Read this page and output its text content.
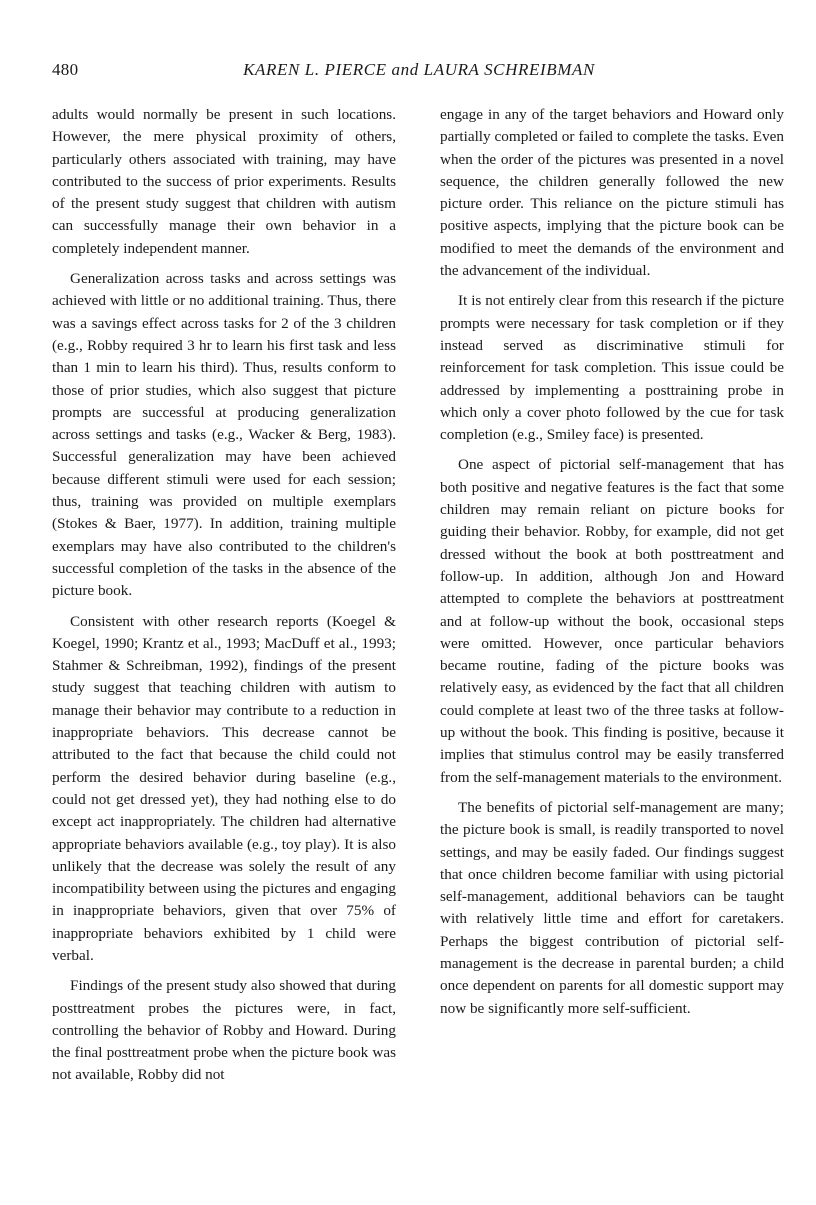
480	KAREN L. PIERCE and LAURA SCHREIBMAN

adults would normally be present in such locations. However, the mere physical proximity of others, particularly others associated with training, may have contributed to the success of prior experiments. Results of the present study suggest that children with autism can successfully manage their own behavior in a completely independent manner.

Generalization across tasks and across settings was achieved with little or no additional training. Thus, there was a savings effect across tasks for 2 of the 3 children (e.g., Robby required 3 hr to learn his first task and less than 1 min to learn his third). Thus, results conform to those of prior studies, which also suggest that picture prompts are successful at producing generalization across settings and tasks (e.g., Wacker & Berg, 1983). Successful generalization may have been achieved because different stimuli were used for each session; thus, training was provided on multiple exemplars (Stokes & Baer, 1977). In addition, training multiple exemplars may have also contributed to the children's successful completion of the tasks in the absence of the picture book.

Consistent with other research reports (Koegel & Koegel, 1990; Krantz et al., 1993; MacDuff et al., 1993; Stahmer & Schreibman, 1992), findings of the present study suggest that teaching children with autism to manage their behavior may contribute to a reduction in inappropriate behaviors. This decrease cannot be attributed to the fact that because the child could not perform the desired behavior during baseline (e.g., could not get dressed yet), they had nothing else to do except act inappropriately. The children had alternative appropriate behaviors available (e.g., toy play). It is also unlikely that the decrease was solely the result of any incompatibility between using the pictures and engaging in inappropriate behaviors, given that over 75% of inappropriate behaviors exhibited by 1 child were verbal.

Findings of the present study also showed that during posttreatment probes the pictures were, in fact, controlling the behavior of Robby and Howard. During the final posttreatment probe when the picture book was not available, Robby did not

engage in any of the target behaviors and Howard only partially completed or failed to complete the tasks. Even when the order of the pictures was presented in a novel sequence, the children generally followed the new picture order. This reliance on the picture stimuli has positive aspects, implying that the picture book can be modified to meet the demands of the environment and the advancement of the individual.

It is not entirely clear from this research if the picture prompts were necessary for task completion or if they instead served as discriminative stimuli for reinforcement for task completion. This issue could be addressed by implementing a posttraining probe in which only a cover photo followed by the cue for task completion (e.g., Smiley face) is presented.

One aspect of pictorial self-management that has both positive and negative features is the fact that some children may remain reliant on picture books for guiding their behavior. Robby, for example, did not get dressed without the book at both posttreatment and follow-up. In addition, although Jon and Howard attempted to complete the behaviors at posttreatment and at follow-up without the book, occasional steps were omitted. However, once particular behaviors became routine, fading of the picture books was relatively easy, as evidenced by the fact that all children could complete at least two of the three tasks at follow-up without the book. This finding is positive, because it implies that stimulus control may be easily transferred from the self-management materials to the environment.

The benefits of pictorial self-management are many; the picture book is small, is readily transported to novel settings, and may be easily faded. Our findings suggest that once children become familiar with using pictorial self-management, additional behaviors can be taught with relatively little time and effort for caretakers. Perhaps the biggest contribution of pictorial self-management is the decrease in parental burden; a child once dependent on parents for all domestic support may now be significantly more self-sufficient.
